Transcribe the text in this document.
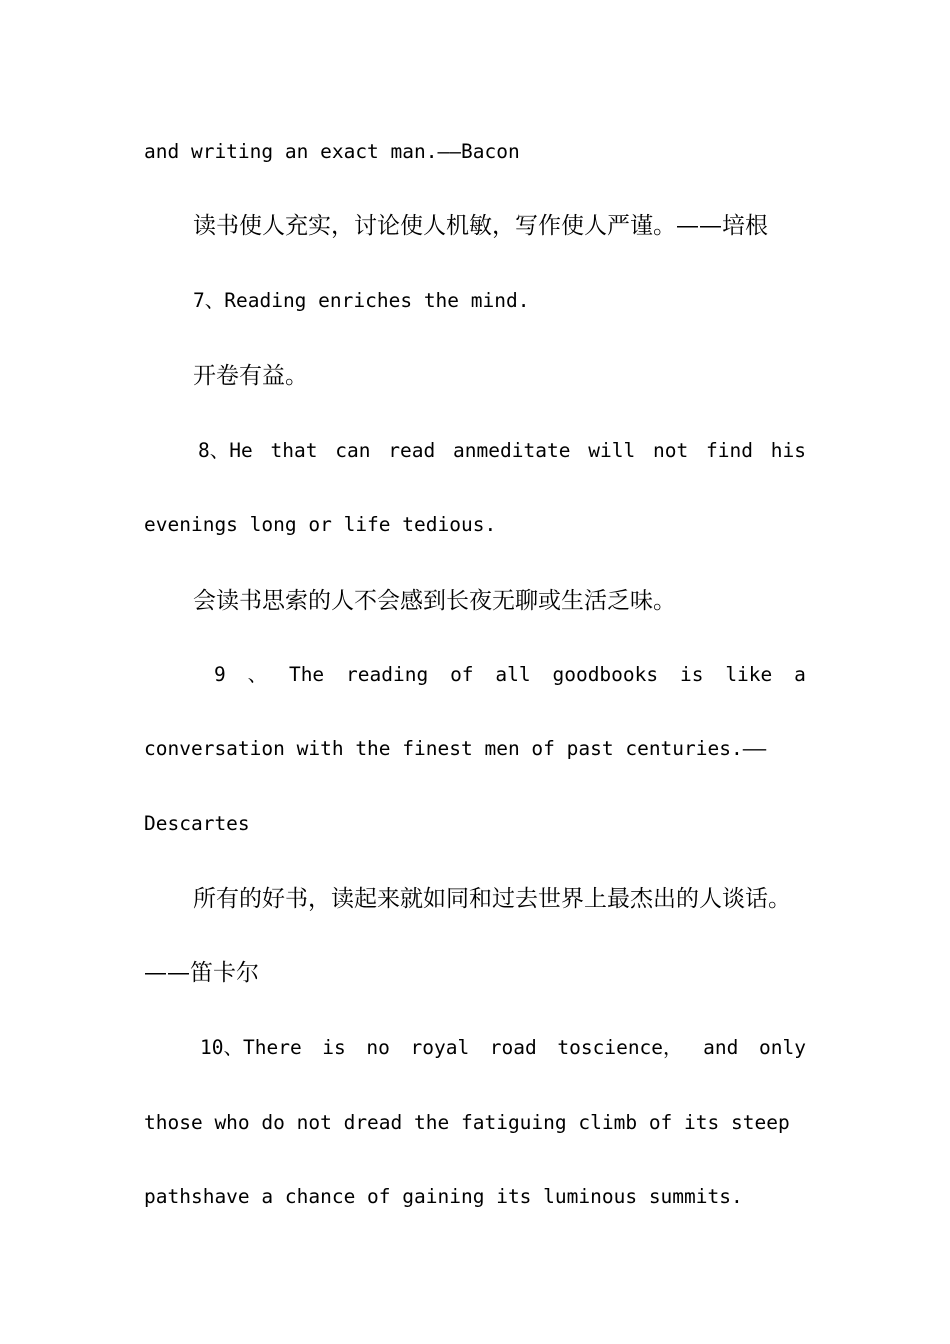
and writing an exact man.——Bacon
读书使人充实，讨论使人机敏，写作使人严谨。——培根
7、Reading enriches the mind.
开卷有益。
8、He that can read anmeditate will not find his
evenings long or life tedious.
会读书思索的人不会感到长夜无聊或生活乏味。
9 、 The reading of all goodbooks is like a
conversation with the finest men of past centuries.——
Descartes
所有的好书，读起来就如同和过去世界上最杰出的人谈话。
——笛卡尔
10、There is no royal road toscience， and only
those who do not dread the fatiguing climb of its steep
pathshave a chance of gaining its luminous summits.
